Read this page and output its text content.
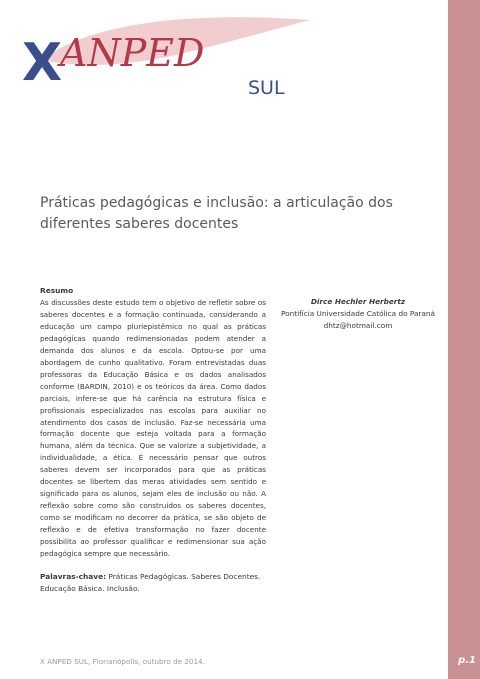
p.1
X
ANPED
SUL
Práticas pedagógicas e inclusão: a articulação dos diferentes saberes docentes

Resumo

As discussões deste estudo tem o objetivo de refletir sobre os saberes docentes e a formação continuada, considerando a educação um campo pluriepistêmico no qual as práticas pedagógicas quando redimensionadas podem atender a demanda dos alunos e da escola. Optou-se por uma abordagem de cunho qualitativo. Foram entrevistadas duas professoras da Educação Básica e os dados analisados conforme (BARDIN, 2010) e os teóricos da área. Como dados parciais, infere-se que há carência na estrutura física e profissionais especializados nas escolas para auxiliar no atendimento dos casos de inclusão. Faz-se necessária uma formação docente que esteja voltada para a formação humana, além da técnica. Que se valorize a subjetividade, a individualidade, a ética. É necessário pensar que outros saberes devem ser incorporados para que as práticas docentes se libertem das meras atividades sem sentido e significado para os alunos, sejam eles de inclusão ou não. A reflexão sobre como são construídos os saberes docentes, como se modificam no decorrer da prática, se são objeto de reflexão e de efetiva transformação no fazer docente possibilita ao professor qualificar e redimensionar sua ação pedagógica sempre que necessário.

Palavras-chave: Práticas Pedagógicas. Saberes Docentes. Educação Básica. Inclusão.

Dirce Hechler Herbertz
Pontifícia Universidade Católica do Paraná
dhtz@hotmail.com
X ANPED SUL, Florianópolis, outubro de 2014.
